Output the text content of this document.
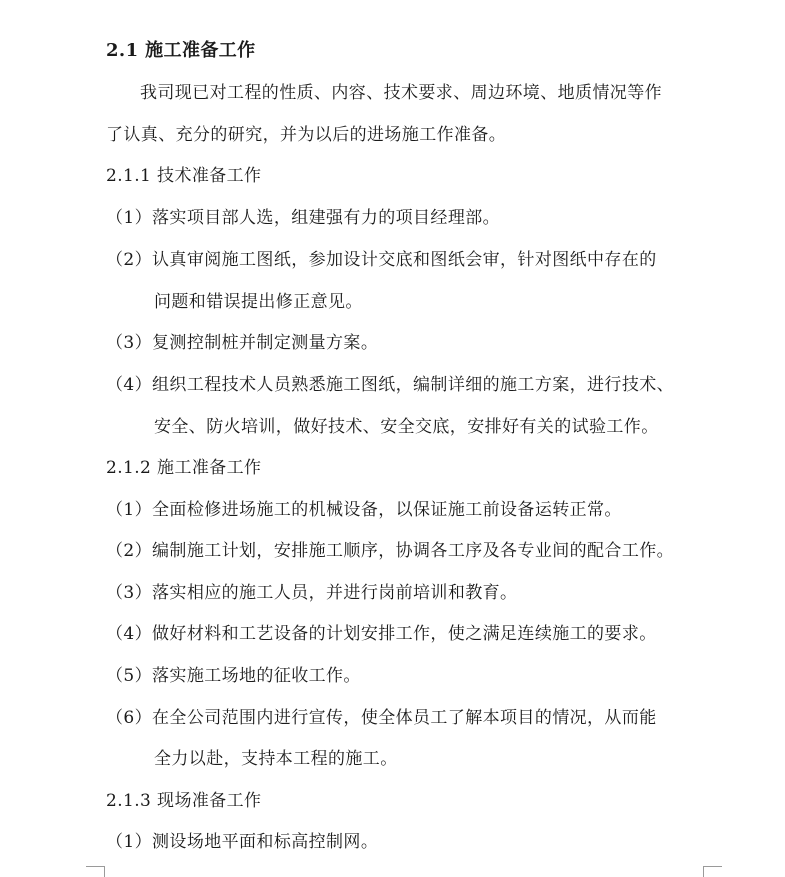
2.1 施工准备工作
我司现已对工程的性质、内容、技术要求、周边环境、地质情况等作
了认真、充分的研究，并为以后的进场施工作准备。
2.1.1 技术准备工作
（1）落实项目部人选，组建强有力的项目经理部。
（2）认真审阅施工图纸，参加设计交底和图纸会审，针对图纸中存在的
问题和错误提出修正意见。
（3）复测控制桩并制定测量方案。
（4）组织工程技术人员熟悉施工图纸，编制详细的施工方案，进行技术、
安全、防火培训，做好技术、安全交底，安排好有关的试验工作。
2.1.2 施工准备工作
（1）全面检修进场施工的机械设备，以保证施工前设备运转正常。
（2）编制施工计划，安排施工顺序，协调各工序及各专业间的配合工作。
（3）落实相应的施工人员，并进行岗前培训和教育。
（4）做好材料和工艺设备的计划安排工作，使之满足连续施工的要求。
（5）落实施工场地的征收工作。
（6）在全公司范围内进行宣传，使全体员工了解本项目的情况，从而能
全力以赴，支持本工程的施工。
2.1.3 现场准备工作
（1）测设场地平面和标高控制网。
